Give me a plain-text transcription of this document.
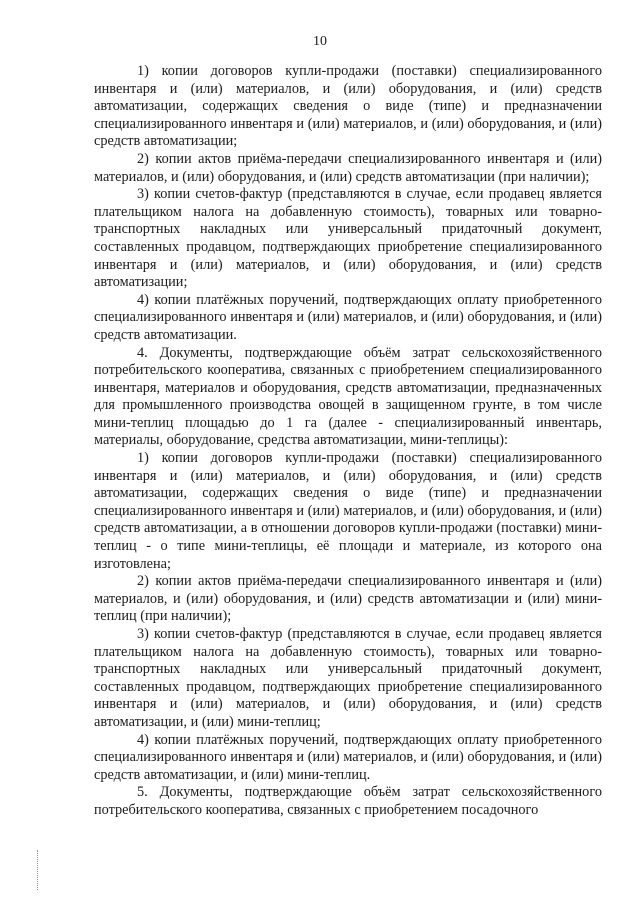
10

1) копии договоров купли-продажи (поставки) специализированного инвентаря и (или) материалов, и (или) оборудования, и (или) средств автоматизации, содержащих сведения о виде (типе) и предназначении специализированного инвентаря и (или) материалов, и (или) оборудования, и (или) средств автоматизации;

2) копии актов приёма-передачи специализированного инвентаря и (или) материалов, и (или) оборудования, и (или) средств автоматизации (при наличии);

3) копии счетов-фактур (представляются в случае, если продавец является плательщиком налога на добавленную стоимость), товарных или товарно-транспортных накладных или универсальный придаточный документ, составленных продавцом, подтверждающих приобретение специализированного инвентаря и (или) материалов, и (или) оборудования, и (или) средств автоматизации;

4) копии платёжных поручений, подтверждающих оплату приобретенного специализированного инвентаря и (или) материалов, и (или) оборудования, и (или) средств автоматизации.

4. Документы, подтверждающие объём затрат сельскохозяйственного потребительского кооператива, связанных с приобретением специализированного инвентаря, материалов и оборудования, средств автоматизации, предназначенных для промышленного производства овощей в защищенном грунте, в том числе мини-теплиц площадью до 1 га (далее - специализированный инвентарь, материалы, оборудование, средства автоматизации, мини-теплицы):

1) копии договоров купли-продажи (поставки) специализированного инвентаря и (или) материалов, и (или) оборудования, и (или) средств автоматизации, содержащих сведения о виде (типе) и предназначении специализированного инвентаря и (или) материалов, и (или) оборудования, и (или) средств автоматизации, а в отношении договоров купли-продажи (поставки) мини-теплиц - о типе мини-теплицы, её площади и материале, из которого она изготовлена;

2) копии актов приёма-передачи специализированного инвентаря и (или) материалов, и (или) оборудования, и (или) средств автоматизации и (или) мини-теплиц (при наличии);

3) копии счетов-фактур (представляются в случае, если продавец является плательщиком налога на добавленную стоимость), товарных или товарно-транспортных накладных или универсальный придаточный документ, составленных продавцом, подтверждающих приобретение специализированного инвентаря и (или) материалов, и (или) оборудования, и (или) средств автоматизации, и (или) мини-теплиц;

4) копии платёжных поручений, подтверждающих оплату приобретенного специализированного инвентаря и (или) материалов, и (или) оборудования, и (или) средств автоматизации, и (или) мини-теплиц.

5. Документы, подтверждающие объём затрат сельскохозяйственного потребительского кооператива, связанных с приобретением посадочного
